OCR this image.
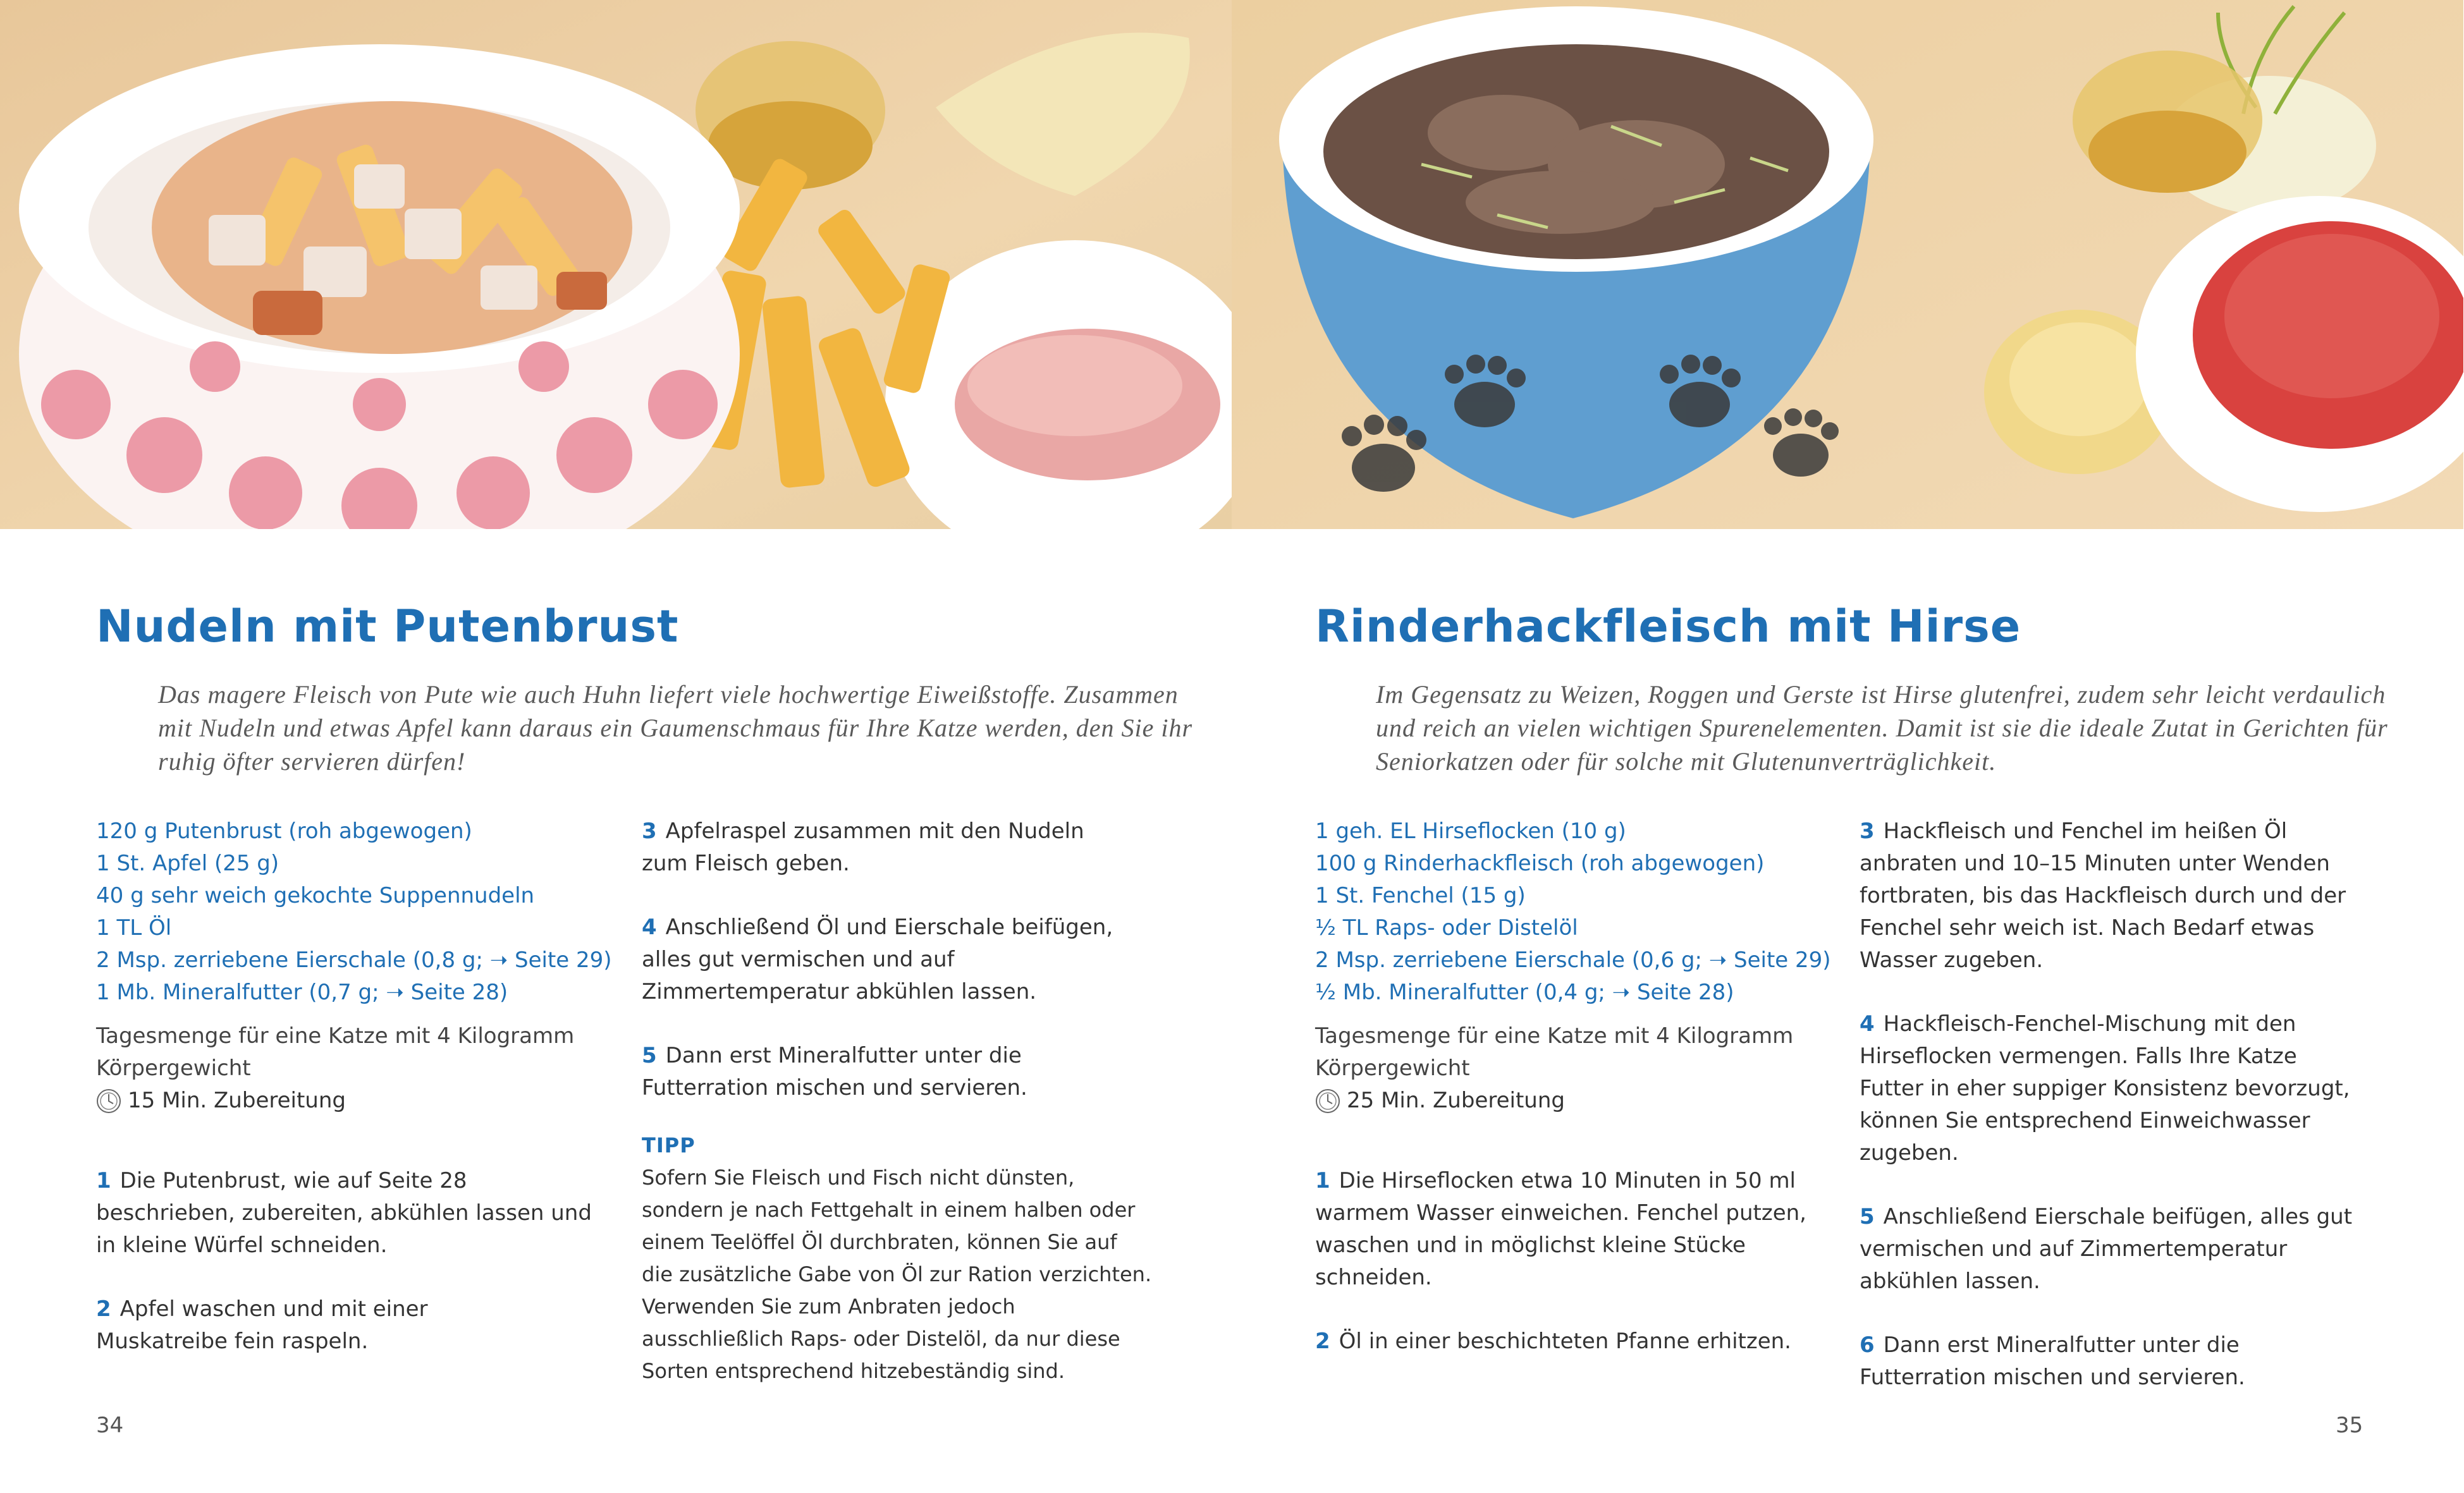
Nudeln mit Putenbrust
Das magere Fleisch von Pute wie auch Huhn liefert viele hochwertige Eiweißstoffe. Zusammen mit Nudeln und etwas Apfel kann daraus ein Gaumenschmaus für Ihre Katze werden, den Sie ihr ruhig öfter servieren dürfen!
120 g Putenbrust (roh abgewogen)
1 St. Apfel (25 g)
40 g sehr weich gekochte Suppennudeln
1 TL Öl
2 Msp. zerriebene Eierschale (0,8 g; ➝ Seite 29)
1 Mb. Mineralfutter (0,7 g; ➝ Seite 28)
Tagesmenge für eine Katze mit 4 Kilogramm Körpergewicht
15 Min. Zubereitung
1 Die Putenbrust, wie auf Seite 28 beschrieben, zubereiten, abkühlen lassen und in kleine Würfel schneiden.
2 Apfel waschen und mit einer Muskatreibe fein raspeln.
3 Apfelraspel zusammen mit den Nudeln zum Fleisch geben.
4 Anschließend Öl und Eierschale beifügen, alles gut vermischen und auf Zimmertemperatur abkühlen lassen.
5 Dann erst Mineralfutter unter die Futterration mischen und servieren.
TIPP
Sofern Sie Fleisch und Fisch nicht dünsten, sondern je nach Fettgehalt in einem halben oder einem Teelöffel Öl durchbraten, können Sie auf die zusätzliche Gabe von Öl zur Ration verzichten. Verwenden Sie zum Anbraten jedoch ausschließlich Raps- oder Distelöl, da nur diese Sorten entsprechend hitzebeständig sind.
34
Rinderhackfleisch mit Hirse
Im Gegensatz zu Weizen, Roggen und Gerste ist Hirse glutenfrei, zudem sehr leicht verdaulich und reich an vielen wichtigen Spurenelementen. Damit ist sie die ideale Zutat in Gerichten für Seniorkatzen oder für solche mit Glutenunverträglichkeit.
1 geh. EL Hirseflocken (10 g)
100 g Rinderhackfleisch (roh abgewogen)
1 St. Fenchel (15 g)
½ TL Raps- oder Distelöl
2 Msp. zerriebene Eierschale (0,6 g; ➝ Seite 29)
½ Mb. Mineralfutter (0,4 g; ➝ Seite 28)
Tagesmenge für eine Katze mit 4 Kilogramm Körpergewicht
25 Min. Zubereitung
1 Die Hirseflocken etwa 10 Minuten in 50 ml warmem Wasser einweichen. Fenchel putzen, waschen und in möglichst kleine Stücke schneiden.
2 Öl in einer beschichteten Pfanne erhitzen.
3 Hackfleisch und Fenchel im heißen Öl anbraten und 10–15 Minuten unter Wenden fortbraten, bis das Hackfleisch durch und der Fenchel sehr weich ist. Nach Bedarf etwas Wasser zugeben.
4 Hackfleisch-Fenchel-Mischung mit den Hirseflocken vermengen. Falls Ihre Katze Futter in eher suppiger Konsistenz bevorzugt, können Sie entsprechend Einweichwasser zugeben.
5 Anschließend Eierschale beifügen, alles gut vermischen und auf Zimmertemperatur abkühlen lassen.
6 Dann erst Mineralfutter unter die Futterration mischen und servieren.
35
